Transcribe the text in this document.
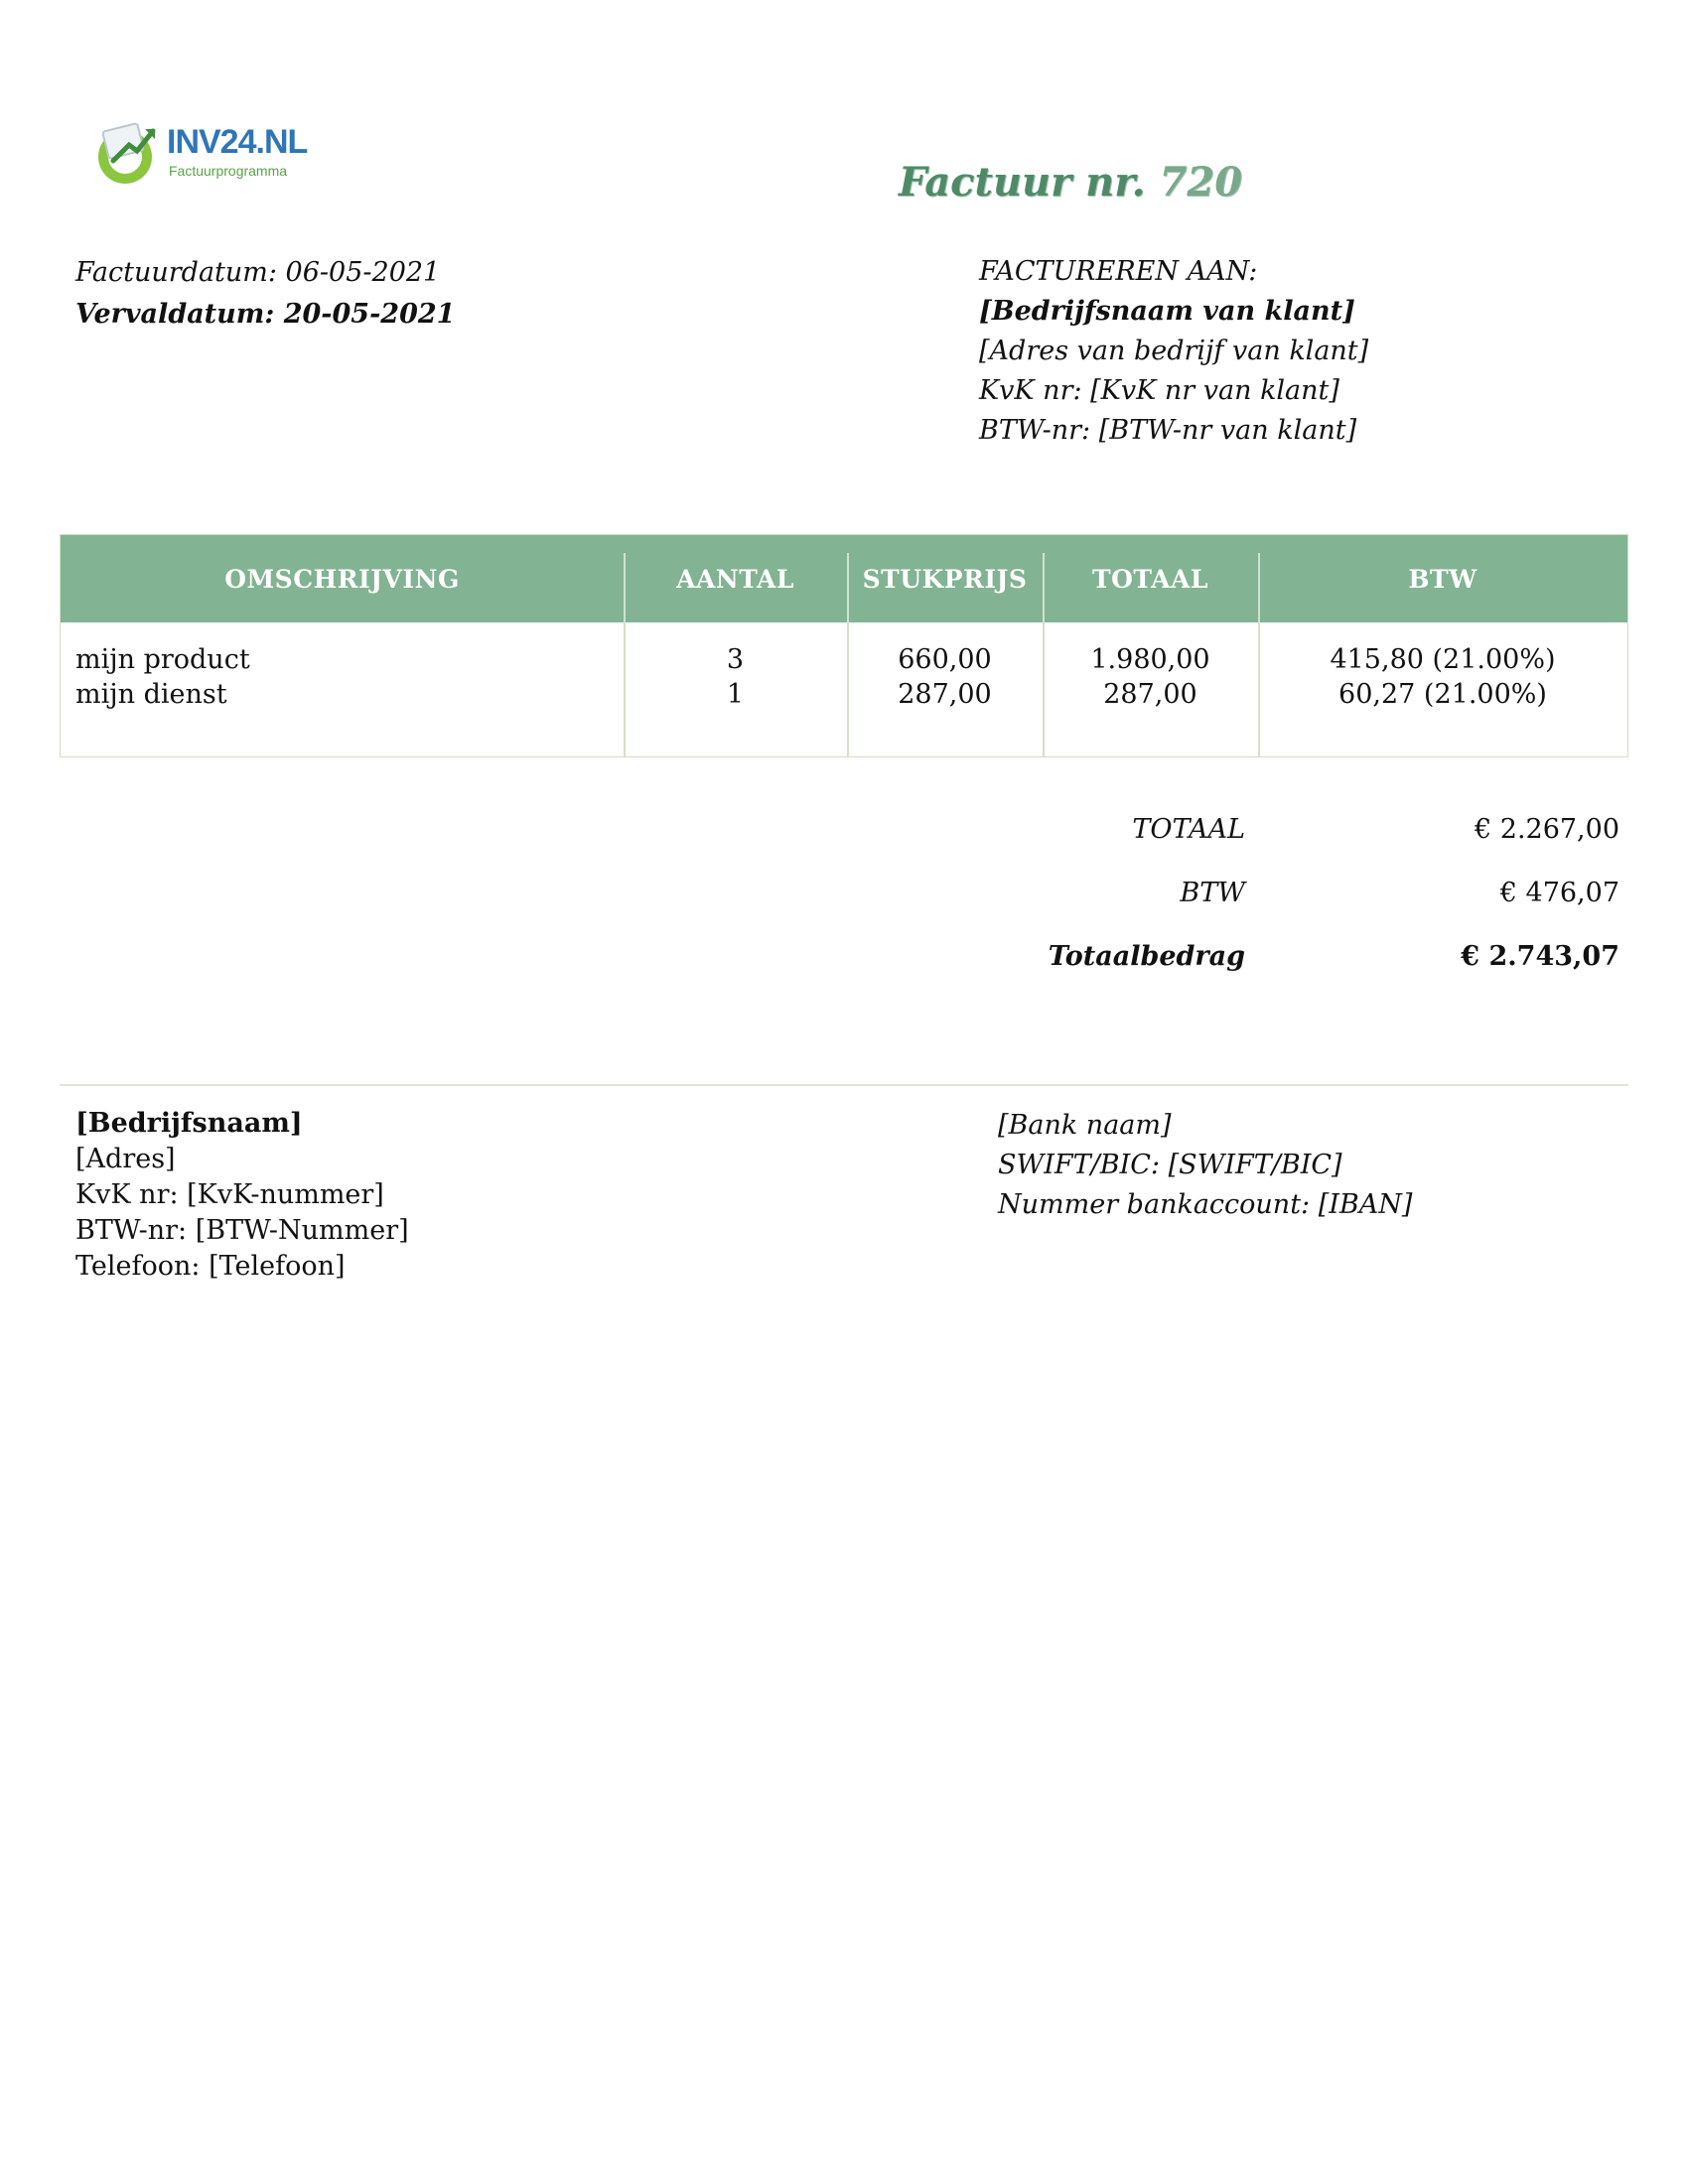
INV24.NL
Factuurprogramma	Factuur nr. 720
Factuurdatum: 06-05-2021
Vervaldatum: 20-05-2021
FACTUREREN AAN:
[Bedrijfsnaam van klant]
[Adres van bedrijf van klant]
KvK nr: [KvK nr van klant]
BTW-nr: [BTW-nr van klant]
OMSCHRIJVING	AANTAL	STUKPRIJS	TOTAAL	BTW
mijn product	3	660,00	1.980,00	415,80 (21.00%)
mijn dienst	1	287,00	287,00	60,27 (21.00%)
TOTAAL	€ 2.267,00
BTW	€ 476,07
Totaalbedrag	€ 2.743,07
[Bedrijfsnaam]
[Adres]
KvK nr: [KvK-nummer]
BTW-nr: [BTW-Nummer]
Telefoon: [Telefoon]
[Bank naam]
SWIFT/BIC: [SWIFT/BIC]
Nummer bankaccount: [IBAN]
